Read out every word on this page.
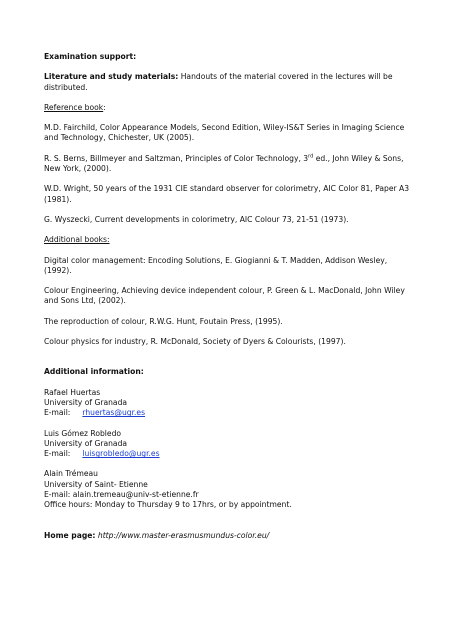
Examination support:

Literature and study materials: Handouts of the material covered in the lectures will be distributed.

Reference book:

M.D. Fairchild, Color Appearance Models, Second Edition, Wiley-IS&T Series in Imaging Science and Technology, Chichester, UK (2005).

R. S. Berns, Billmeyer and Saltzman, Principles of Color Technology, 3rd ed., John Wiley & Sons, New York, (2000).

W.D. Wright, 50 years of the 1931 CIE standard observer for colorimetry, AIC Color 81, Paper A3 (1981).

G. Wyszecki, Current developments in colorimetry, AIC Colour 73, 21-51 (1973).

Additional books:

Digital color management: Encoding Solutions, E. Giogianni & T. Madden, Addison Wesley, (1992).

Colour Engineering, Achieving device independent colour, P. Green & L. MacDonald, John Wiley and Sons Ltd, (2002).

The reproduction of colour, R.W.G. Hunt, Foutain Press, (1995).

Colour physics for industry, R. McDonald, Society of Dyers & Colourists, (1997).

Additional information:

Rafael Huertas

University of Granada

E-mail: rhuertas@ugr.es

Luis Gómez Robledo

University of Granada

E-mail: luisgrobledo@ugr.es

Alain Trémeau

University of Saint- Etienne

E-mail: alain.tremeau@univ-st-etienne.fr

Office hours: Monday to Thursday 9 to 17hrs, or by appointment.

Home page: http://www.master-erasmusmundus-color.eu/
